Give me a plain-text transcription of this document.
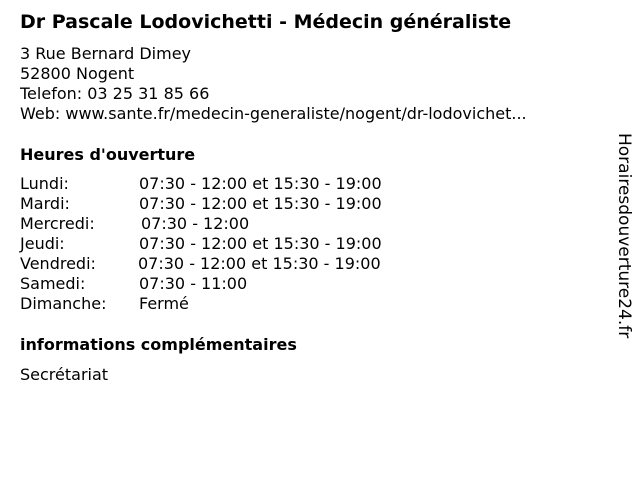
Dr Pascale Lodovichetti - Médecin généraliste
3 Rue Bernard Dimey
52800 Nogent
Telefon: 03 25 31 85 66
Web: www.sante.fr/medecin-generaliste/nogent/dr-lodovichet...
Heures d'ouverture
Lundi:	07:30 - 12:00 et 15:30 - 19:00
Mardi:	07:30 - 12:00 et 15:30 - 19:00
Mercredi:	07:30 - 12:00
Jeudi:	07:30 - 12:00 et 15:30 - 19:00
Vendredi:	07:30 - 12:00 et 15:30 - 19:00
Samedi:	07:30 - 11:00
Dimanche: Fermé
informations complémentaires
Secrétariat
Horairesdouverture24.fr
